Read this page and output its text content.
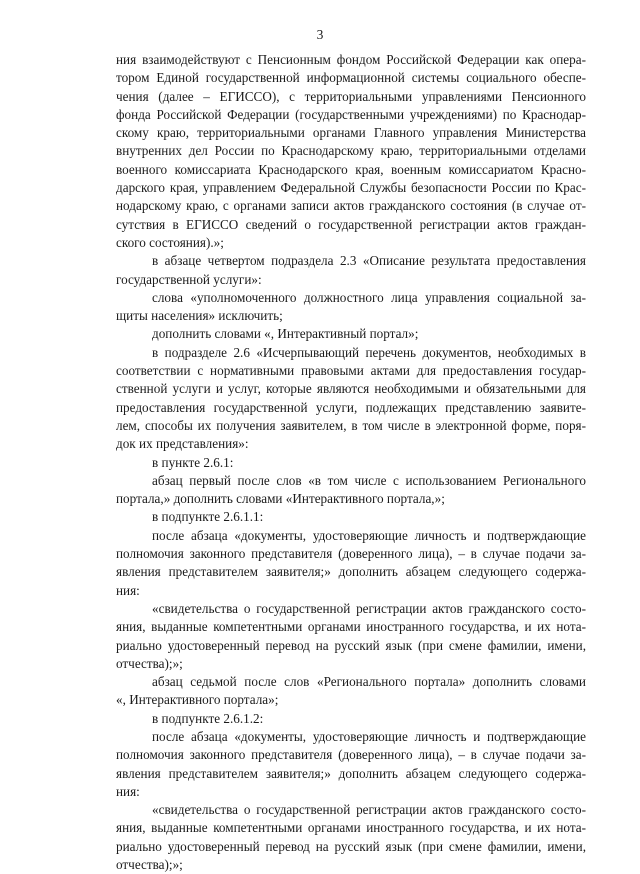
3
ния взаимодействуют с Пенсионным фондом Российской Федерации как опера-
тором Единой государственной информационной системы социального обеспе-
чения (далее – ЕГИССО), с территориальными управлениями Пенсионного
фонда Российской Федерации (государственными учреждениями) по Краснодар-
скому краю, территориальными органами Главного управления Министерства
внутренних дел России по Краснодарскому краю, территориальными отделами
военного комиссариата Краснодарского края, военным комиссариатом Красно-
дарского края, управлением Федеральной Службы безопасности России по Крас-
нодарскому краю, с органами записи актов гражданского состояния (в случае от-
сутствия в ЕГИССО сведений о государственной регистрации актов граждан-
ского состояния).»;
в абзаце четвертом подраздела 2.3 «Описание результата предоставления
государственной услуги»:
слова «уполномоченного должностного лица управления социальной за-
щиты населения» исключить;
дополнить словами «, Интерактивный портал»;
в подразделе 2.6 «Исчерпывающий перечень документов, необходимых в
соответствии с нормативными правовыми актами для предоставления государ-
ственной услуги и услуг, которые являются необходимыми и обязательными для
предоставления государственной услуги, подлежащих представлению заявите-
лем, способы их получения заявителем, в том числе в электронной форме, поря-
док их представления»:
в пункте 2.6.1:
абзац первый после слов «в том числе с использованием Регионального
портала,» дополнить словами «Интерактивного портала,»;
в подпункте 2.6.1.1:
после абзаца «документы, удостоверяющие личность и подтверждающие
полномочия законного представителя (доверенного лица), – в случае подачи за-
явления представителем заявителя;» дополнить абзацем следующего содержа-
ния:
«свидетельства о государственной регистрации актов гражданского состо-
яния, выданные компетентными органами иностранного государства, и их нота-
риально удостоверенный перевод на русский язык (при смене фамилии, имени,
отчества);»;
абзац седьмой после слов «Регионального портала» дополнить словами
«, Интерактивного портала»;
в подпункте 2.6.1.2:
после абзаца «документы, удостоверяющие личность и подтверждающие
полномочия законного представителя (доверенного лица), – в случае подачи за-
явления представителем заявителя;» дополнить абзацем следующего содержа-
ния:
«свидетельства о государственной регистрации актов гражданского состо-
яния, выданные компетентными органами иностранного государства, и их нота-
риально удостоверенный перевод на русский язык (при смене фамилии, имени,
отчества);»;
